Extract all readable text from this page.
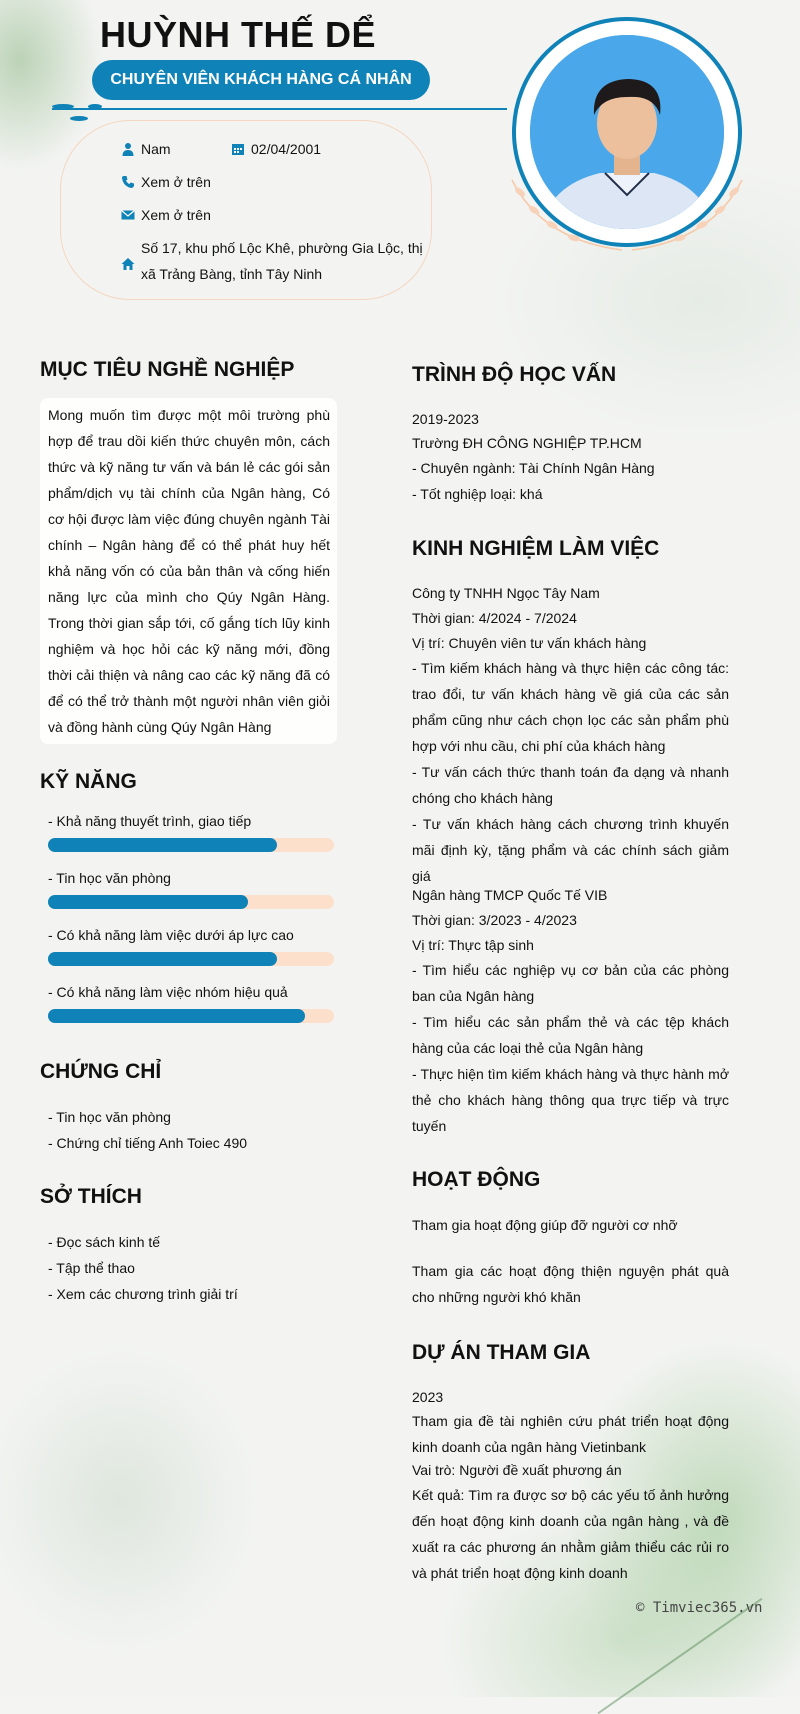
HUỲNH THẾ DỂ
CHUYÊN VIÊN KHÁCH HÀNG CÁ NHÂN
Nam	02/04/2001
Xem ở trên
Xem ở trên
Số 17, khu phố Lộc Khê, phường Gia Lộc, thị
xã Trảng Bàng, tỉnh Tây Ninh
MỤC TIÊU NGHỀ NGHIỆP
Mong muốn tìm được một môi trường phù hợp để trau dồi kiến thức chuyên môn, cách thức và kỹ năng tư vấn và bán lẻ các gói sản phẩm/dịch vụ tài chính của Ngân hàng, Có cơ hội được làm việc đúng chuyên ngành Tài chính – Ngân hàng để có thể phát huy hết khả năng vốn có của bản thân và cống hiến năng lực của mình cho Qúy Ngân Hàng. Trong thời gian sắp tới, cố gắng tích lũy kinh nghiệm và học hỏi các kỹ năng mới, đồng thời cải thiện và nâng cao các kỹ năng đã có để có thể trở thành một người nhân viên giỏi và đồng hành cùng Qúy Ngân Hàng
KỸ NĂNG
- Khả năng thuyết trình, giao tiếp
- Tin học văn phòng
- Có khả năng làm việc dưới áp lực cao
- Có khả năng làm việc nhóm hiệu quả
CHỨNG CHỈ
- Tin học văn phòng
- Chứng chỉ tiếng Anh Toiec 490
SỞ THÍCH
- Đọc sách kinh tế
- Tập thể thao
- Xem các chương trình giải trí
TRÌNH ĐỘ HỌC VẤN
2019-2023
Trường ĐH CÔNG NGHIỆP TP.HCM
- Chuyên ngành: Tài Chính Ngân Hàng
- Tốt nghiệp loại: khá
KINH NGHIỆM LÀM VIỆC
Công ty TNHH Ngọc Tây Nam
Thời gian: 4/2024 - 7/2024
Vị trí: Chuyên viên tư vấn khách hàng
- Tìm kiếm khách hàng và thực hiện các công tác: trao đổi, tư vấn khách hàng về giá của các sản phẩm cũng như cách chọn lọc các sản phẩm phù hợp với nhu cầu, chi phí của khách hàng
- Tư vấn cách thức thanh toán đa dạng và nhanh chóng cho khách hàng
- Tư vấn khách hàng cách chương trình khuyến mãi định kỳ, tặng phẩm và các chính sách giảm giá
Ngân hàng TMCP Quốc Tế VIB
Thời gian: 3/2023 - 4/2023
Vị trí: Thực tập sinh
- Tìm hiểu các nghiệp vụ cơ bản của các phòng ban của Ngân hàng
- Tìm hiểu các sản phẩm thẻ và các tệp khách hàng của các loại thẻ của Ngân hàng
- Thực hiện tìm kiếm khách hàng và thực hành mở thẻ cho khách hàng thông qua trực tiếp và trực tuyến
HOẠT ĐỘNG
Tham gia hoạt động giúp đỡ người cơ nhỡ
Tham gia các hoạt động thiện nguyện phát quà cho những người khó khăn
DỰ ÁN THAM GIA
2023
Tham gia đề tài nghiên cứu phát triển hoạt động kinh doanh của ngân hàng Vietinbank
Vai trò: Người đề xuất phương án
Kết quả: Tìm ra được sơ bộ các yếu tố ảnh hưởng đến hoạt động kinh doanh của ngân hàng , và đề xuất ra các phương án nhằm giảm thiểu các rủi ro và phát triển hoạt động kinh doanh
© Timviec365.vn
